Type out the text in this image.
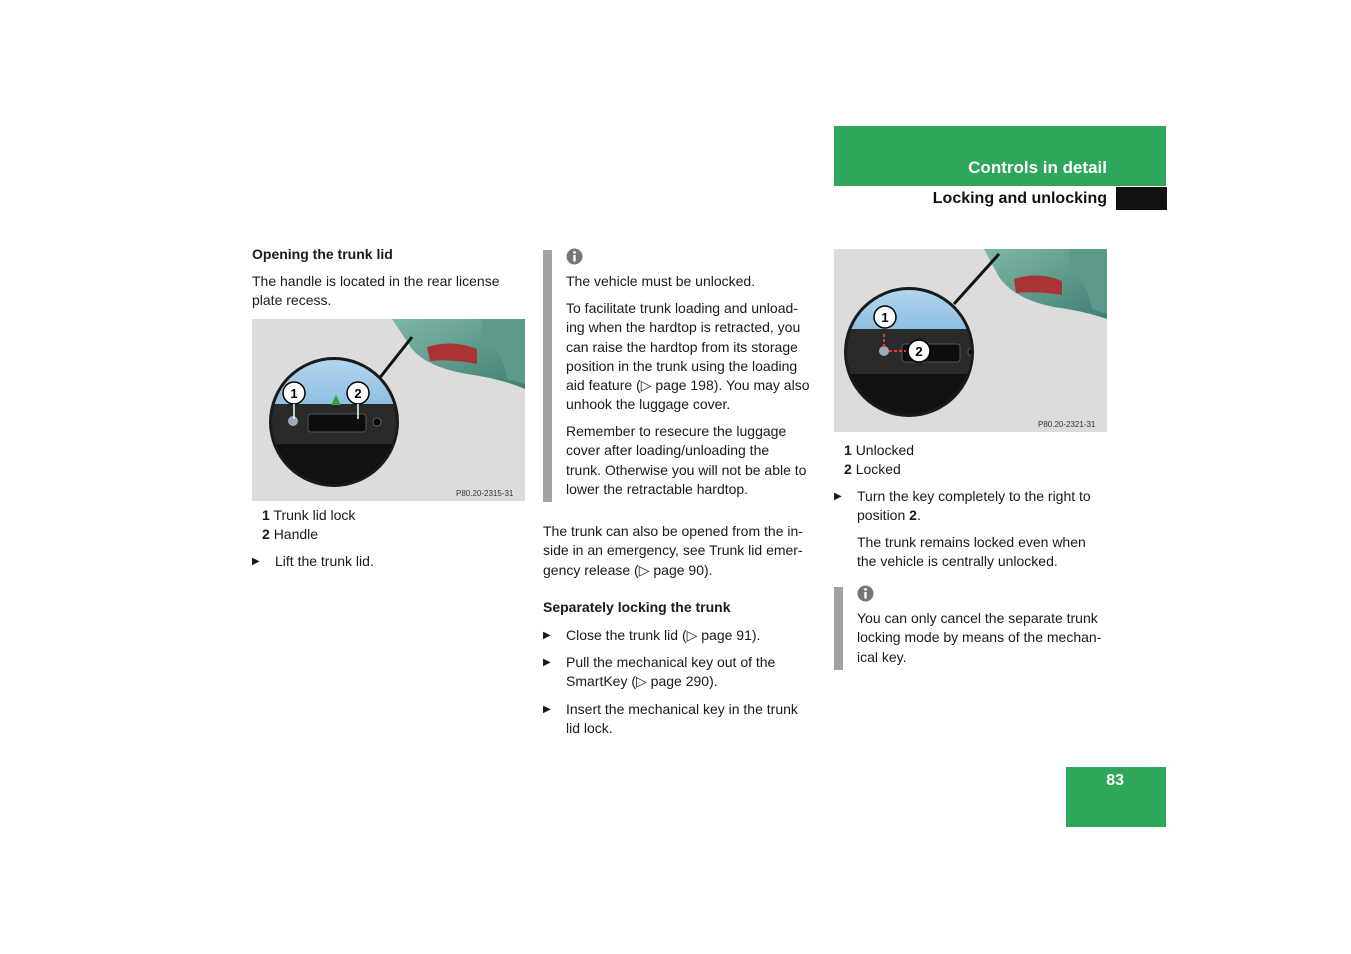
Controls in detail
Locking and unlocking
Opening the trunk lid
The handle is located in the rear license plate recess.
1	2
P80.20-2315-31
1 Trunk lid lock
2 Handle
▶ Lift the trunk lid.
The vehicle must be unlocked.
To facilitate trunk loading and unload-
ing when the hardtop is retracted, you
can raise the hardtop from its storage
position in the trunk using the loading
aid feature (▷ page 198). You may also
unhook the luggage cover.
Remember to resecure the luggage
cover after loading/unloading the
trunk. Otherwise you will not be able to
lower the retractable hardtop.
The trunk can also be opened from the in-
side in an emergency, see Trunk lid emer-
gency release (▷ page 90).
Separately locking the trunk
▶ Close the trunk lid (▷ page 91).
▶ Pull the mechanical key out of the
SmartKey (▷ page 290).
▶ Insert the mechanical key in the trunk
lid lock.
1
2
P80.20-2321-31
1 Unlocked
2 Locked
▶ Turn the key completely to the right to
position 2.
The trunk remains locked even when
the vehicle is centrally unlocked.
You can only cancel the separate trunk
locking mode by means of the mechan-
ical key.
83
